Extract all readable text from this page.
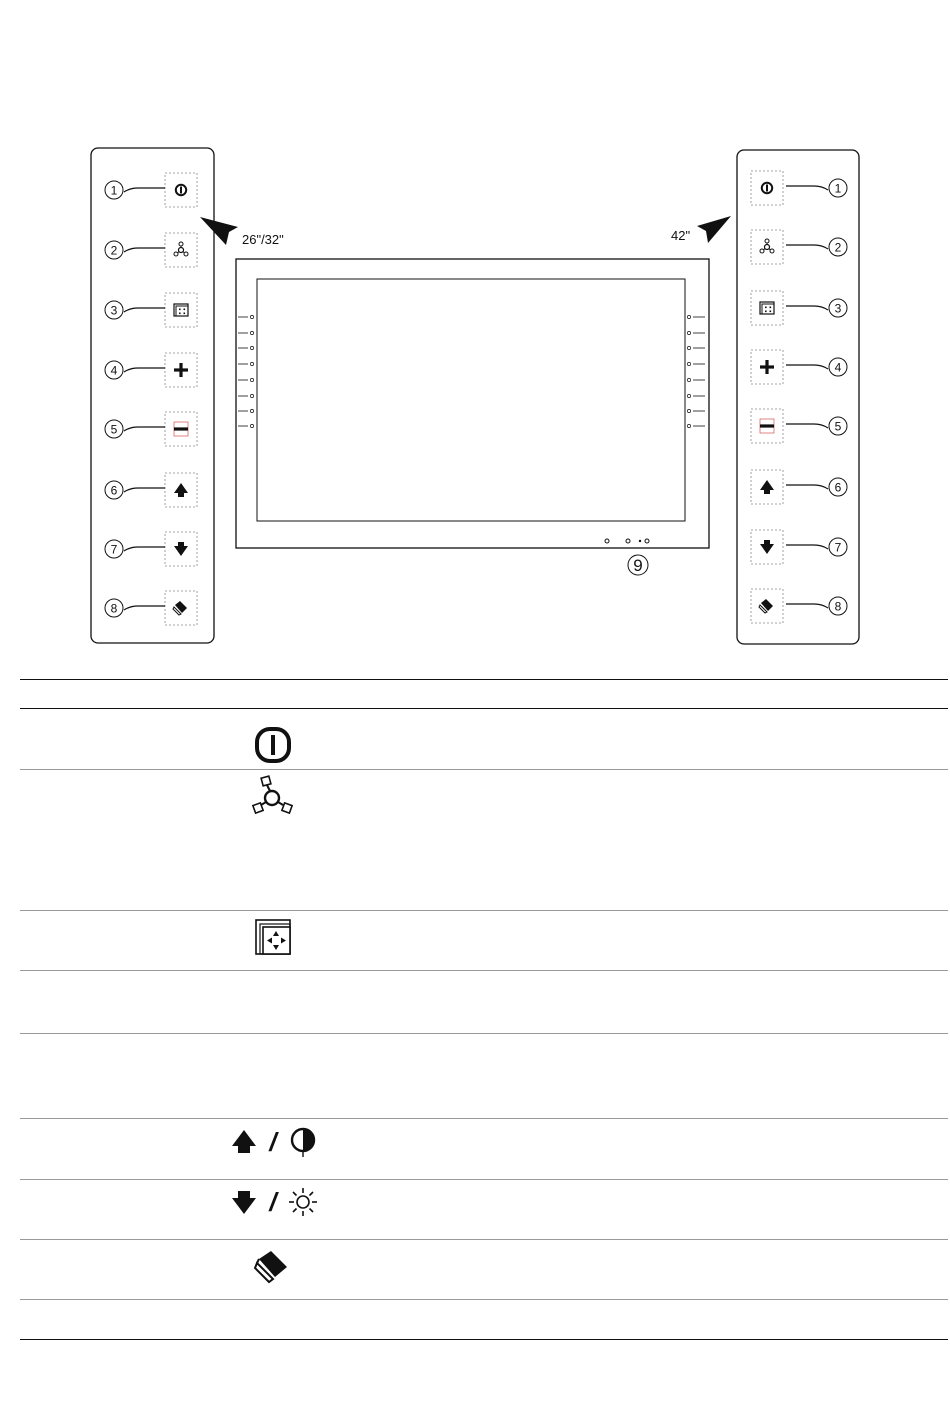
1
2
3
4
5
6
7
8
1
2
3
4
5
6
7
8
26"/32"	42"
9
/
/
